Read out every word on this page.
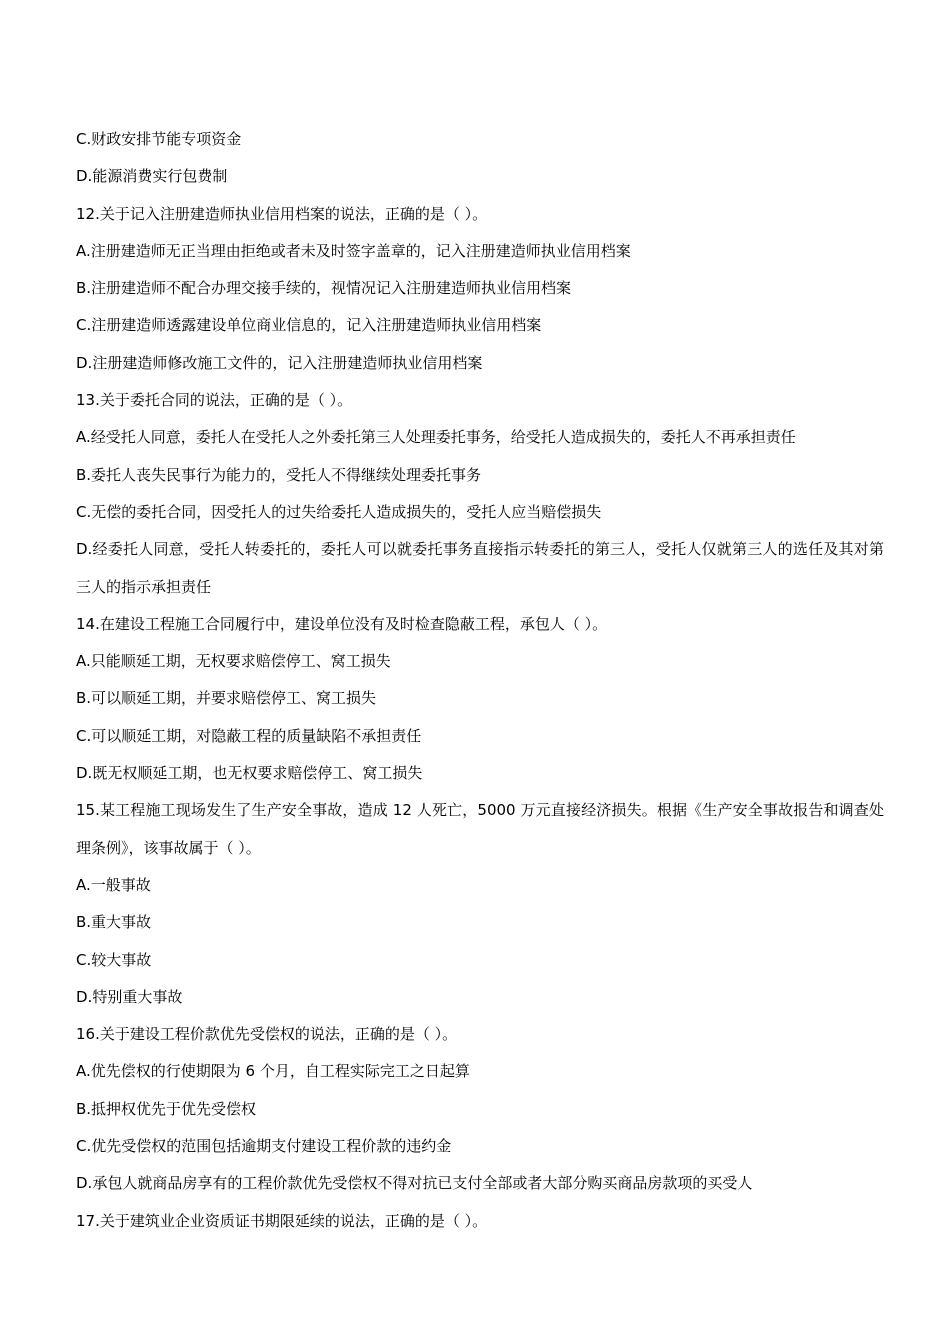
C.财政安排节能专项资金
D.能源消费实行包费制
12.关于记入注册建造师执业信用档案的说法，正确的是（ ）。
A.注册建造师无正当理由拒绝或者未及时签字盖章的，记入注册建造师执业信用档案
B.注册建造师不配合办理交接手续的，视情况记入注册建造师执业信用档案
C.注册建造师透露建设单位商业信息的，记入注册建造师执业信用档案
D.注册建造师修改施工文件的，记入注册建造师执业信用档案
13.关于委托合同的说法，正确的是（ ）。
A.经受托人同意，委托人在受托人之外委托第三人处理委托事务，给受托人造成损失的，委托人不再承担责任
B.委托人丧失民事行为能力的，受托人不得继续处理委托事务
C.无偿的委托合同，因受托人的过失给委托人造成损失的，受托人应当赔偿损失
D.经委托人同意，受托人转委托的，委托人可以就委托事务直接指示转委托的第三人，受托人仅就第三人的选任及其对第三人的指示承担责任
14.在建设工程施工合同履行中，建设单位没有及时检查隐蔽工程，承包人（ ）。
A.只能顺延工期，无权要求赔偿停工、窝工损失
B.可以顺延工期，并要求赔偿停工、窝工损失
C.可以顺延工期，对隐蔽工程的质量缺陷不承担责任
D.既无权顺延工期，也无权要求赔偿停工、窝工损失
15.某工程施工现场发生了生产安全事故，造成 12 人死亡，5000 万元直接经济损失。根据《生产安全事故报告和调查处理条例》，该事故属于（ ）。
A.一般事故
B.重大事故
C.较大事故
D.特别重大事故
16.关于建设工程价款优先受偿权的说法，正确的是（ ）。
A.优先偿权的行使期限为 6 个月，自工程实际完工之日起算
B.抵押权优先于优先受偿权
C.优先受偿权的范围包括逾期支付建设工程价款的违约金
D.承包人就商品房享有的工程价款优先受偿权不得对抗已支付全部或者大部分购买商品房款项的买受人
17.关于建筑业企业资质证书期限延续的说法，正确的是（ ）。
